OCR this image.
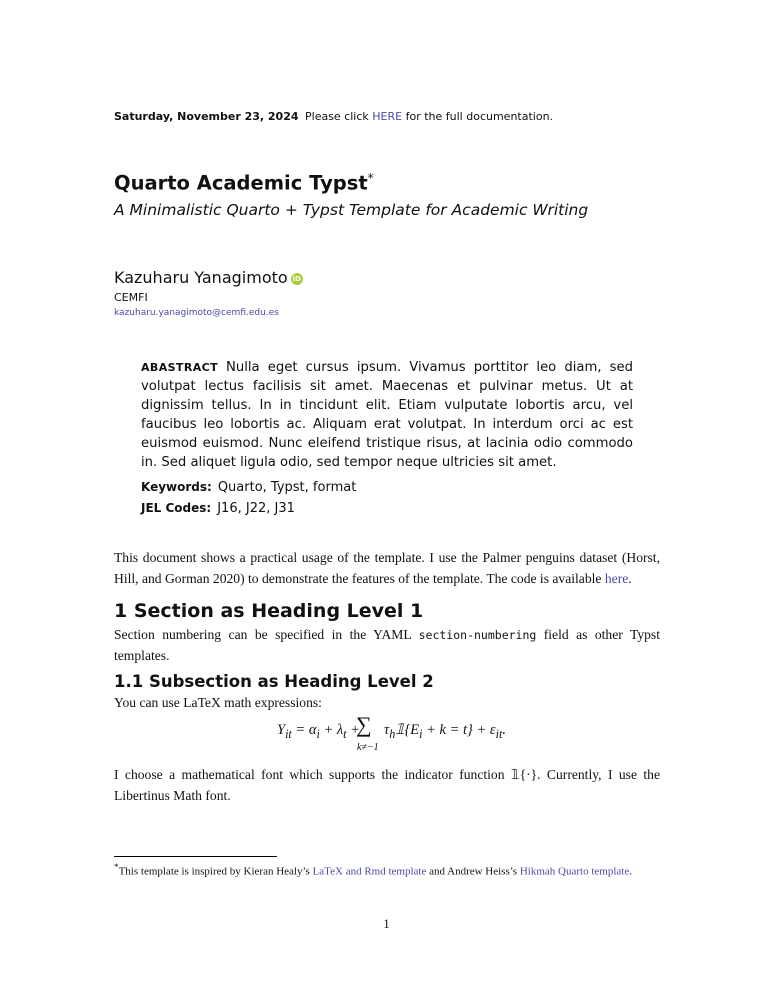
Saturday, November 23, 2024 Please click HERE for the full documentation.
Quarto Academic Typst*
A Minimalistic Quarto + Typst Template for Academic Writing
Kazuharu Yanagimoto iD
CEMFI
kazuharu.yanagimoto@cemfi.edu.es
ABASTRACT Nulla eget cursus ipsum. Vivamus porttitor leo diam, sed volutpat lectus facilisis sit amet. Maecenas et pulvinar metus. Ut at dignissim tellus. In in tincidunt elit. Etiam vulputate lobortis arcu, vel faucibus leo lobortis ac. Aliquam erat volutpat. In interdum orci ac est euismod euismod. Nunc eleifend tristique risus, at lacinia odio commodo in. Sed aliquet ligula odio, sed tempor neque ultricies sit amet.
Keywords: Quarto, Typst, format
JEL Codes: J16, J22, J31
This document shows a practical usage of the template. I use the Palmer penguins dataset (Horst, Hill, and Gorman 2020) to demonstrate the features of the template. The code is available here.
1 Section as Heading Level 1
Section numbering can be specified in the YAML section-numbering field as other Typst templates.
1.1 Subsection as Heading Level 2
You can use LaTeX math expressions:
$Y_{it} = \alpha_i + \lambda_t$ +
∑
k≠−1
$\tau_h𝟙\{E_i + k = t\} + \varepsilon_{it}$.
I choose a mathematical font which supports the indicator function 𝟙{·}. Currently, I use the Libertinus Math font.
*This template is inspired by Kieran Healy’s LaTeX and Rmd template and Andrew Heiss’s Hikmah Quarto template.
1
